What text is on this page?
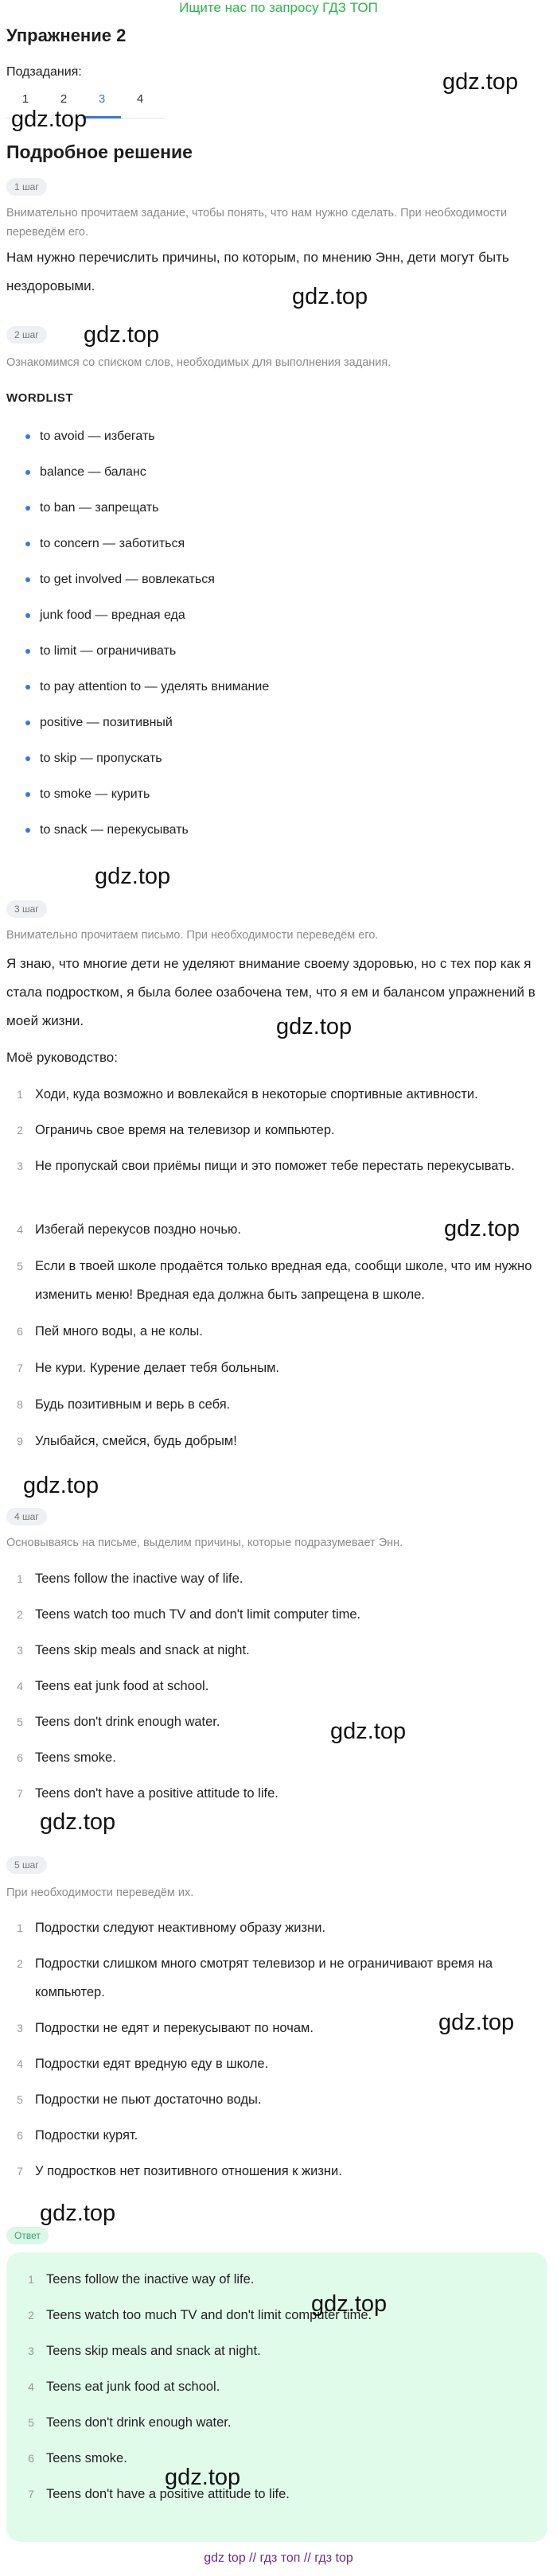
Ищите нас по запросу ГДЗ ТОП
Упражнение 2
Подзадания:
1	2	3	4
Подробное решение
1 шаг
Внимательно прочитаем задание, чтобы понять, что нам нужно сделать. При необходимости переведём его.
Нам нужно перечислить причины, по которым, по мнению Энн, дети могут быть нездоровыми.
2 шаг
Ознакомимся со списком слов, необходимых для выполнения задания.
WORDLIST
to avoid — избегать
balance — баланс
to ban — запрещать
to concern — заботиться
to get involved — вовлекаться
junk food — вредная еда
to limit — ограничивать
to pay attention to — уделять внимание
positive — позитивный
to skip — пропускать
to smoke — курить
to snack — перекусывать
3 шаг
Внимательно прочитаем письмо. При необходимости переведём его.
Я знаю, что многие дети не уделяют внимание своему здоровью, но с тех пор как я стала подростком, я была более озабочена тем, что я ем и балансом упражнений в моей жизни.
Моё руководство:
1 Ходи, куда возможно и вовлекайся в некоторые спортивные активности.
2 Ограничь свое время на телевизор и компьютер.
3 Не пропускай свои приёмы пищи и это поможет тебе перестать перекусывать.
4 Избегай перекусов поздно ночью.
5 Если в твоей школе продаётся только вредная еда, сообщи школе, что им нужно изменить меню! Вредная еда должна быть запрещена в школе.
6 Пей много воды, а не колы.
7 Не кури. Курение делает тебя больным.
8 Будь позитивным и верь в себя.
9 Улыбайся, смейся, будь добрым!
4 шаг
Основываясь на письме, выделим причины, которые подразумевает Энн.
1 Teens follow the inactive way of life.
2 Teens watch too much TV and don't limit computer time.
3 Teens skip meals and snack at night.
4 Teens eat junk food at school.
5 Teens don't drink enough water.
6 Teens smoke.
7 Teens don't have a positive attitude to life.
5 шаг
При необходимости переведём их.
1 Подростки следуют неактивному образу жизни.
2 Подростки слишком много смотрят телевизор и не ограничивают время на компьютер.
3 Подростки не едят и перекусывают по ночам.
4 Подростки едят вредную еду в школе.
5 Подростки не пьют достаточно воды.
6 Подростки курят.
7 У подростков нет позитивного отношения к жизни.
Ответ
1 Teens follow the inactive way of life.
2 Teens watch too much TV and don't limit computer time.
3 Teens skip meals and snack at night.
4 Teens eat junk food at school.
5 Teens don't drink enough water.
6 Teens smoke.
7 Teens don't have a positive attitude to life.
gdz.top
gdz.top
gdz.top
gdz.top
gdz.top
gdz.top
gdz.top
gdz.top
gdz.top
gdz.top
gdz.top
gdz.top
gdz.top
gdz.top
gdz top // гдз топ // гдз top
